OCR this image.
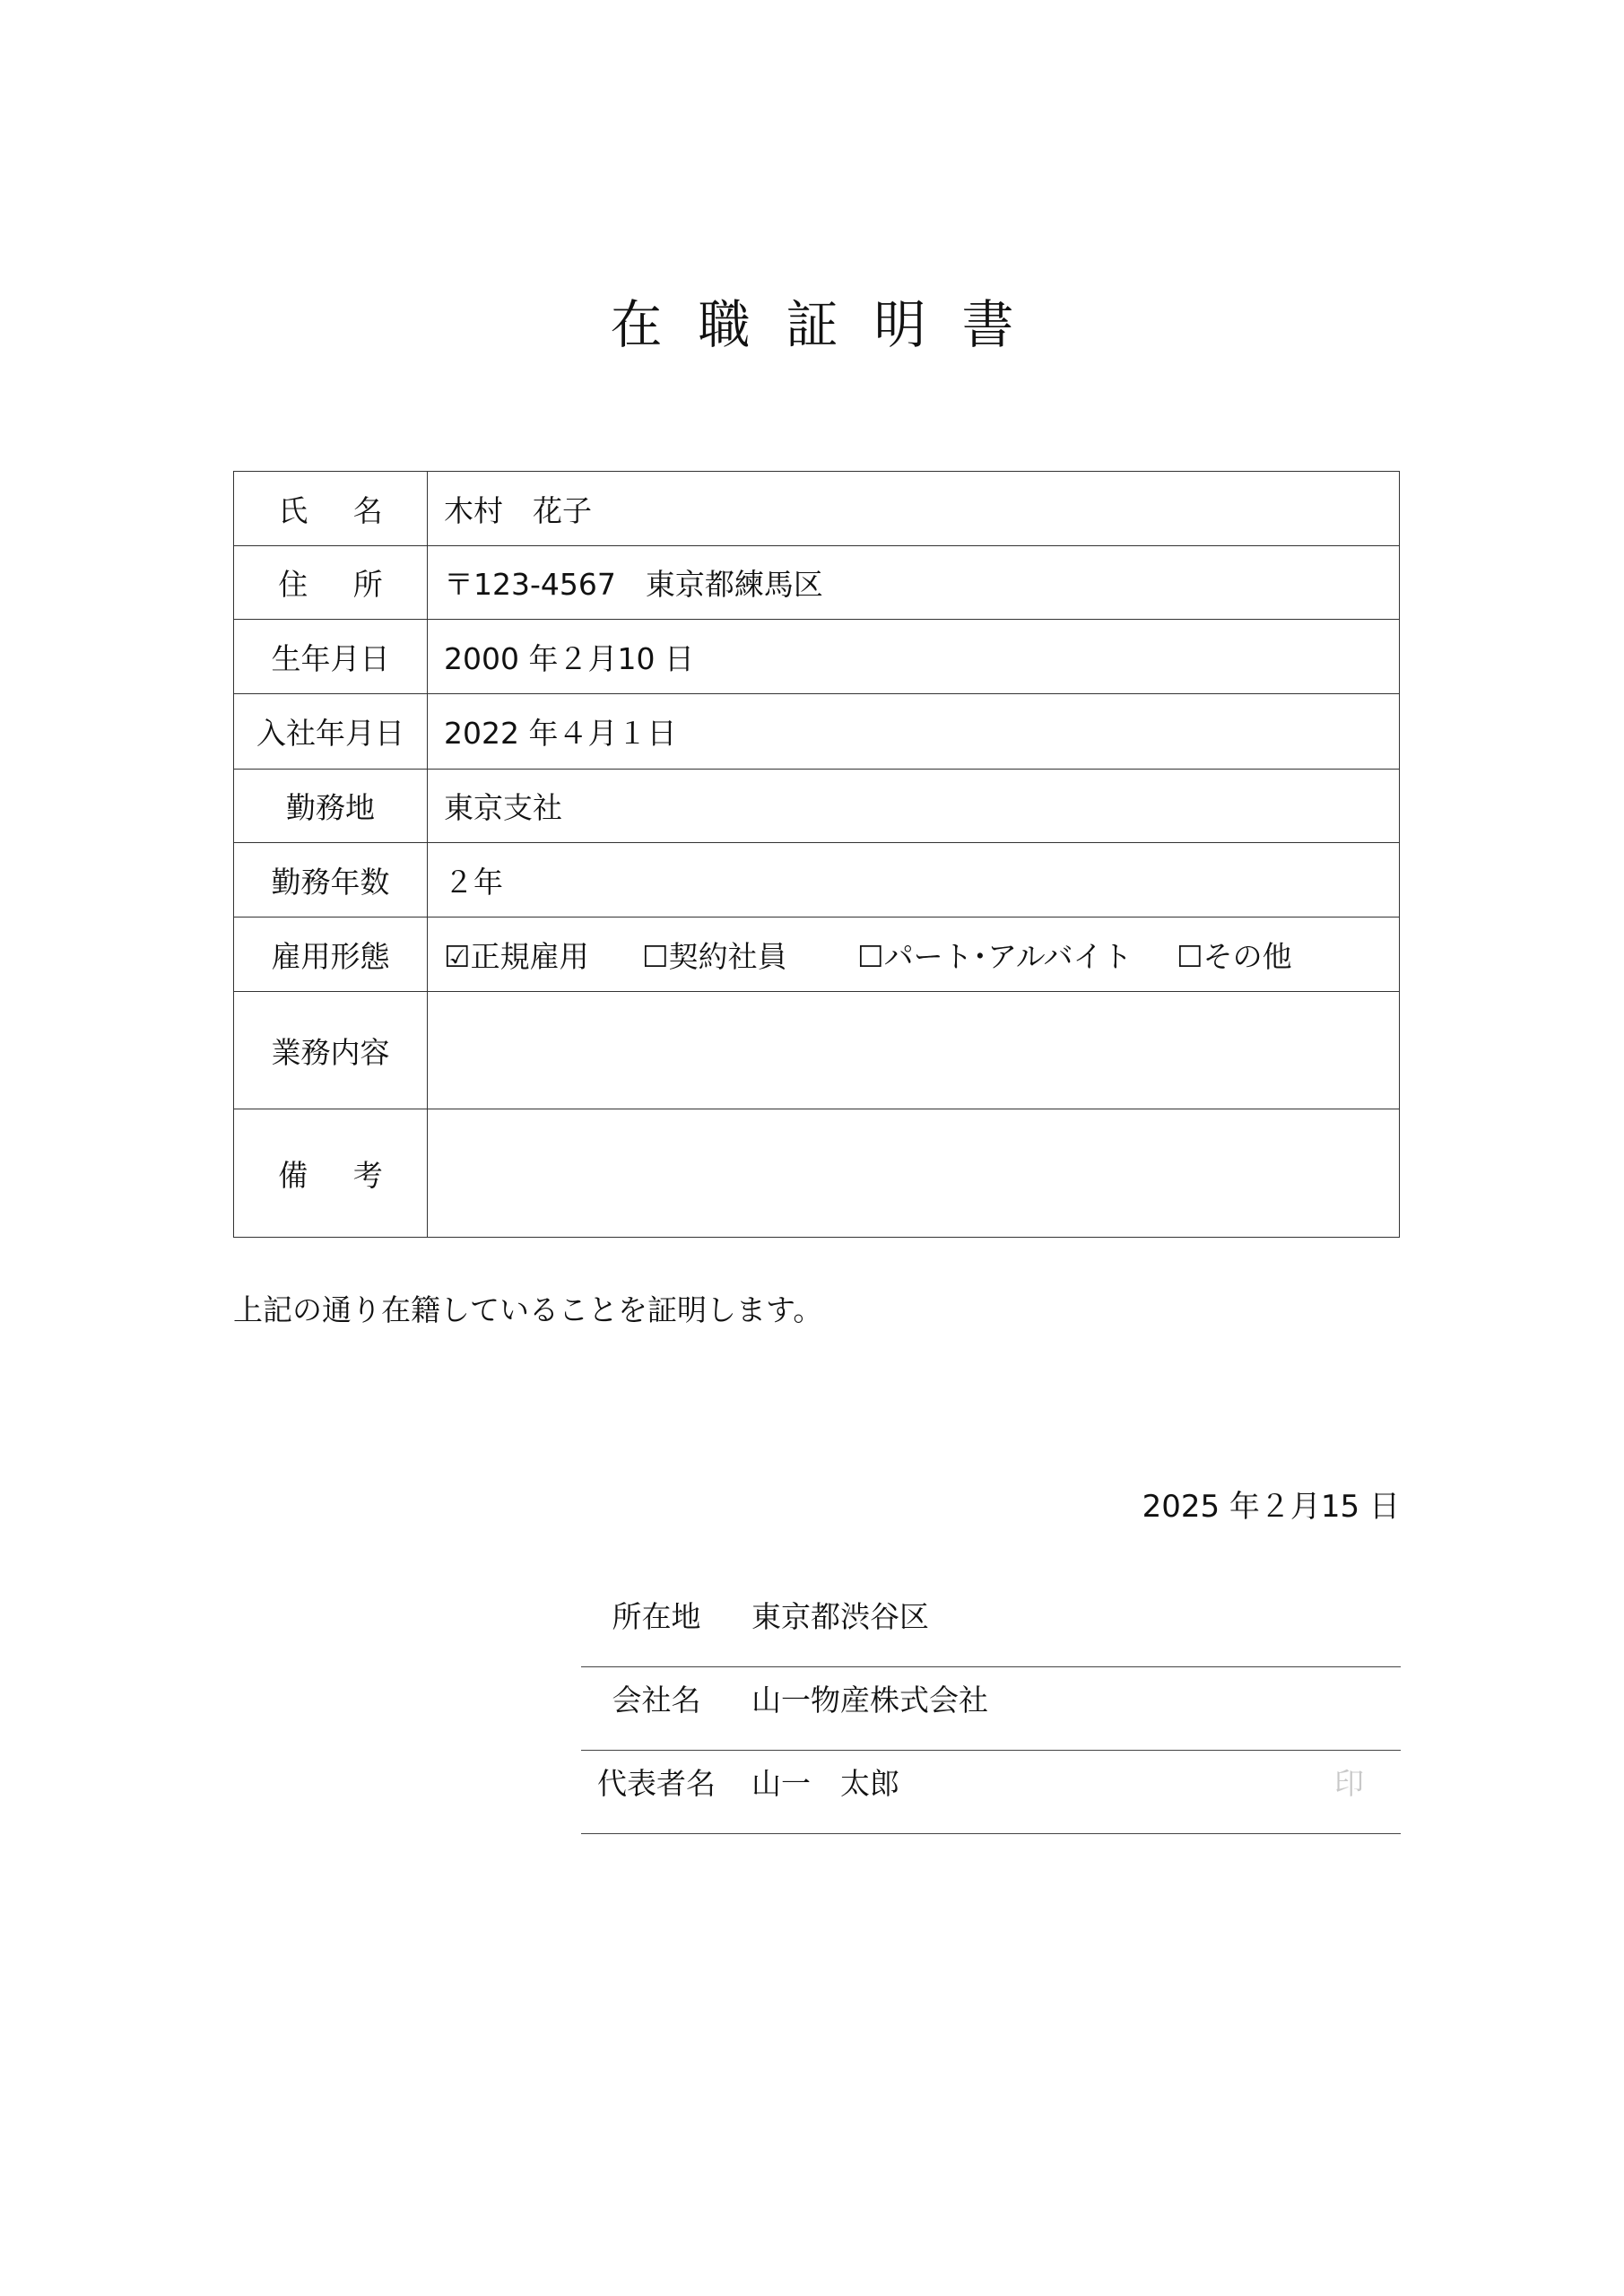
在職証明書
氏 名	木村　花子
住 所	〒123-4567　東京都練馬区
生年月日	2000 年２月10 日
入社年月日	2022 年４月１日
勤務地	東京支社
勤務年数	２年
雇用形態	☑正規雇用 ☐契約社員 ☐パート･アルバイト ☐その他
業務内容	
備 考	
上記の通り在籍していることを証明します。
2025 年２月15 日
所在地	東京都渋谷区
会社名	山一物産株式会社
代表者名	山一　太郎	印
